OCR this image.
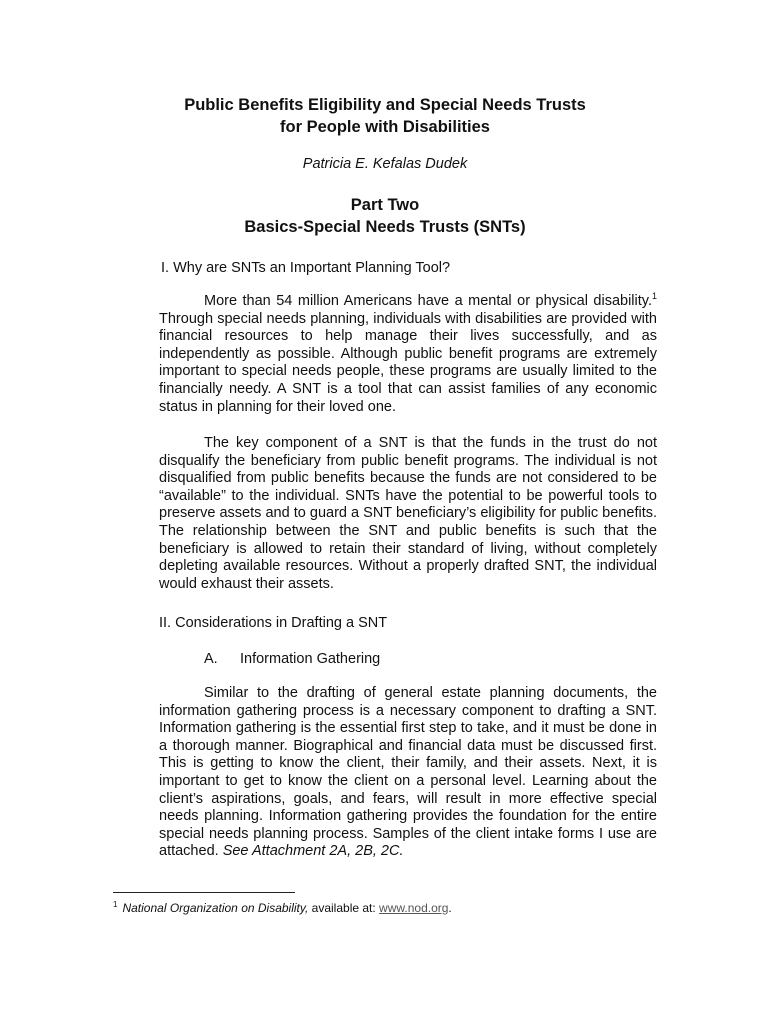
Public Benefits Eligibility and Special Needs Trusts
for People with Disabilities
Patricia E. Kefalas Dudek
Part Two
Basics-Special Needs Trusts (SNTs)
I. Why are SNTs an Important Planning Tool?

More than 54 million Americans have a mental or physical disability.$^1$ Through special needs planning, individuals with disabilities are provided with financial resources to help manage their lives successfully, and as independently as possible. Although public benefit programs are extremely important to special needs people, these programs are usually limited to the financially needy. A SNT is a tool that can assist families of any economic status in planning for their loved one.

The key component of a SNT is that the funds in the trust do not disqualify the beneficiary from public benefit programs. The individual is not disqualified from public benefits because the funds are not considered to be “available” to the individual. SNTs have the potential to be powerful tools to preserve assets and to guard a SNT beneficiary’s eligibility for public benefits. The relationship between the SNT and public benefits is such that the beneficiary is allowed to retain their standard of living, without completely depleting available resources. Without a properly drafted SNT, the individual would exhaust their assets.

II. Considerations in Drafting a SNT
A. Information Gathering

Similar to the drafting of general estate planning documents, the information gathering process is a necessary component to drafting a SNT. Information gathering is the essential first step to take, and it must be done in a thorough manner. Biographical and financial data must be discussed first. This is getting to know the client, their family, and their assets. Next, it is important to get to know the client on a personal level. Learning about the client’s aspirations, goals, and fears, will result in more effective special needs planning. Information gathering provides the foundation for the entire special needs planning process. Samples of the client intake forms I use are attached. See Attachment 2A, 2B, 2C.

$^1$ National Organization on Disability, available at: www.nod.org.
